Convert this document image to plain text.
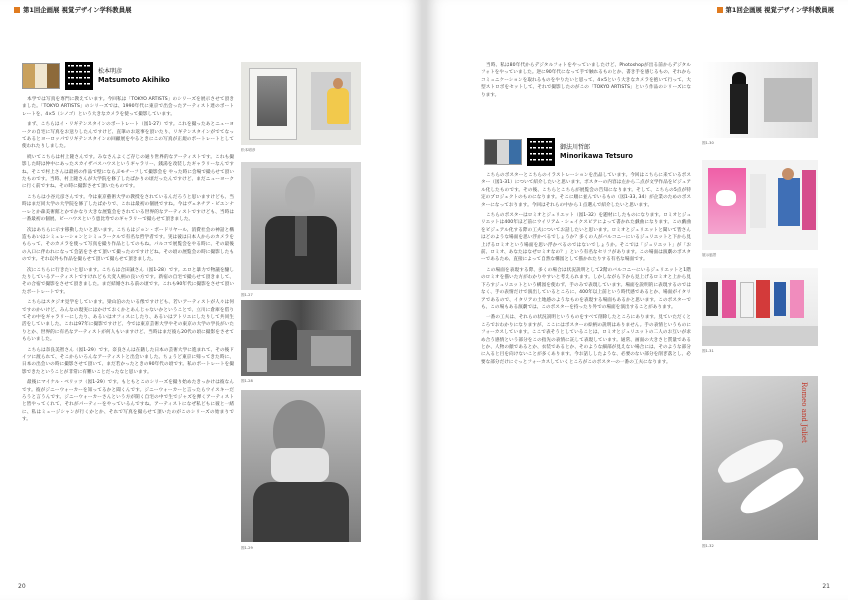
第1回企画展 視覚デザイン学科教員展
松本明彦
Matsumoto Akihiko

本学では写真を専門に教えています。今回私は「TOKYO ARTISTS」のシリーズを展示させて頂きました。「TOKYO ARTISTS」のシリーズでは、1990年代に東京で出会ったアーティスト達のポートレートを、4×5（シノゴ）という大きなカメラを使って撮影しています。

まず、こちらはイ・リギテンスタインのポートレート（図1-27）です。これを撮ったあとニューヨークの自宅に写真をお送りしたんですけど、直筆のお返事を頂いたり、リギテンスタインがでてなってあるとヨーロッパでリギテンスタインの回顧展をやるときにこの写真が正規のポートレートとして使われたりしました。

続いてこちらは村上隆さんです。みなさんよくご存じの通り世界的なアーティストです。これも撮影した時は仲中にあったスカイザバスハウスというギャラリー、銭湯を改装したギャラリーなんですね。そこで村上さんは最初の作品で壁にならぶモチーフして撮影会を やった時に会場で撮らせて頂いたものです。当時、村上隆さんが大学院を修了したばかりの頃だったんですけど、まだニューヨークに行く前ですね。その時に撮影させて頂いたものです。

こちらは小谷元彦さんです。今は東京藝術大学の教授をされているんだろうと思いますけども、当時はまだ同大学の大学院を修了したばかりで、これは最初の個展ですね。今はヴェネチア・ビエンナーレとか森美術館とかでかなり大きな展覧会をされている世界的なアーティストですけども、当時は一番最初の個展、ビーハウスという恵比寿でのギャラリーで撮らせて頂きました。

次はあちらに示す移動したいと思います。こちらはジョン・ボードリヤール、消費社会の神話と構造もあいはシミュレーションとシミュラークルで有名な哲学者です。実は彼は日本人からのカメラをもらって、そのカメラを使って写真を撮り作品としてのもね。パルコで展覧会をやる時に、その最後の入口に伴われになって会話をさせて頂いて撮ったのですけどね。その頃の展覧会の時に撮影したものです。それ以外も作品を撮らせて頂いて撮らせて頂きました。

次にこちらに行きたいと思います。こちらは合田誠さん（図1-28）です。エロと暴力で物議を醸したりしているアーティストですけれども大変人柄の良い方です。新宿の自宅で撮らせて頂きまして、その合宿で撮影をさせて頂きました。まだ結婚される前の頃です。これも90年代に撮影をさせて頂いたポートレートです。

こちらはスタジオ見学をしています。梁山泊のたいる像ですけども、若いアーティストが人々は何ですのかいけど、みんなの現実にはかけておくかとあんじゃないかということで、立川に倉庫を借りてその中をギャラリーにしたり、あるいはオフィスにしたり、あるいはアトリエにしたりして共同生活をしていました。これは97年に撮影ですけど、今では東京芸術大学やその東京の大学の学長がいたりとか、世界的に有名なアーティストが何人もいますけど、当時はまだ彼ら20代の頃に撮影をさせてもらいました。

こちらは奈良美智さん（図1-29）です。奈良さんは在籍した日本の芸術大学に進まれて、その後ドイツに渡られて、そこからいろんなアーティストと出会いました。ちょうど東京に帰ってきた時に、日本の出会いの時に撮影させて頂いて、まだ若かったときの90年代の頃です。私のポートレートを撮影できたということが非常に有難いことだったなと思います。

最後にマイケル・ベリッツ（図1-29）です。もともとこのシリーズを撮り始めたきっかけは彼なんです。彼がジニーウォーカーを知ってるかと聞くんです。ジニーウォーカーと言ったらウイスキーだろうと言うんです。ジニーウォーカーさんという方が開く自宅の中で生でジャズを弾くアーティストと皆やってくれて、それがパーティーをやっているんですね。アーティストになぜ私どもに彼と一緒に、私はミュージシャンが行くかとか、それで写真を撮らせて頂いたのがこのシリーズの始まりです。

松本明彦
図1-27
図1-28
図1-29
20
第1回企画展 視覚デザイン学科教員展

当時、私は80年代からデジタルフォトをやっていましたけど、Photoshopが出る前からデジタルフォトをやっていました。逆に90年代になって手で触れるものとか、書き手を感じるもの、それからコミュニケーションを取れるものをやりたいと思って、4×5という大きなカメラを抱いて行って、大型ストロボをセットして、それで撮影したのがこの「TOKYO ARTISTS」という作品のシリーズになります。

御法川哲郎
Minorikawa Tetsuro

こちらのポスターとこちらのイラストレーションを出品しています。今回はこちらに来ているポスター（図1-31）について紹介したいと思います。ポスターの内容は左から二点が文学作品をビジュアル化したものです。その後、こちらとこちらが展覧会の告知になります。そして、こちらの5点が特定のプロジェクトのものになります。そこに順に並んでいるもの（図1-33, 34）が企業のためのポスターになっております。今回はそれらの中から１点選んで紹介したいと思います。

こちらのポスターはロミオとジュリエット（図1-32）を題材にしたものになります。ロミオとジュリエットは400年ほど前にウイリアム・シェイクスピアによって書かれた戯曲になります。この戯曲をビジュアル化する際の工夫についてお話したいと思います。ロミオとジュリエットと聞いて皆さんはどのような場面を思い浮かべるでしょうか？多くの人がバルコニーにいるジュリエットと下から見上げるロミオという場面を思い浮かべるのではないでしょうか。そこでは「ジュリエット」が「お前、ロミオ、あなたはなぜロミオなの？」という有名なセリフがあります。この場面は演劇のポスターであるため、直接によって自然な構図として描かれたりする有名な場面です。

この場面を表現する際、多くの場合は状況説明として2階のバルコニーにいるジュリエットと1階のロミオを描いた方がわかりやすいと考えられます。しかしながら下から見上げるロミオと上から見下ろすジュリエットという構図を使わず、手のみで表現しています。場面を説明的に表現するのではなく、手の表情だけで演出しているところに、400年以上前という時代感であるとか、場面がイタリアであるので、イタリアの土地感のようなものを表現する場面もあるかと思います。このポスターでも、この場もある演劇では、このポスターを持ったり外での場面を演出することがあります。

一番の工夫は、それらの状況説明というものをすべて削除したところにあります。見ていただくところでおわかりになりますが、ここにはポスターの絵柄の説明はありません。手の表情というものにフォーカスしています。ここで表そうとしていることは、ロミオとジュリエットの二人のお互いが求め合う感情という部分をこの指先の表情に託して表現しています。通常、画面の大きさと質量であるとか、人物の顔であるとか、衣装であるとか、そのような細部が見えない場合には、そのような部分に入ると目を向けないことが多くあります。今お話ししたような、必要のない部分を削ぎ落とし、必要な部分だけにぐっとフォーカスしていくところがこのポスターの一番の工夫になります。

図1-30
展示風景
図1-31
Romeo and Juliet
図1-32
21
